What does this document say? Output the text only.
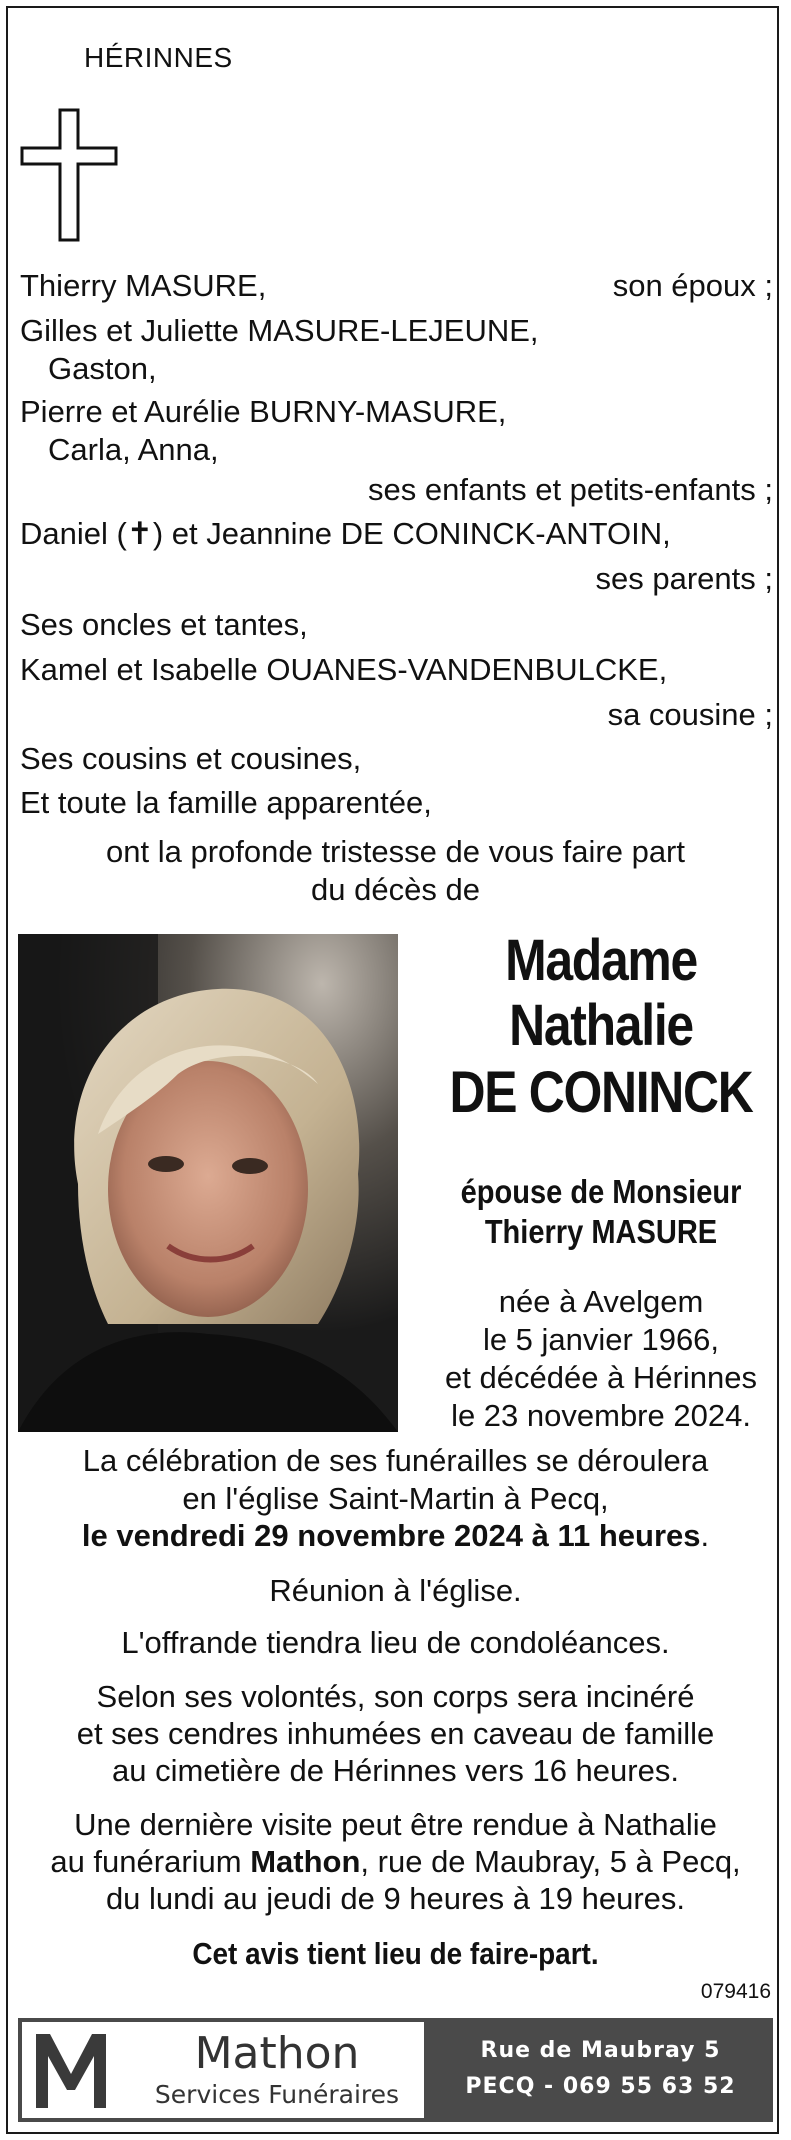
HÉRINNES
Thierry MASURE,	son époux ;
Gilles et Juliette MASURE-LEJEUNE,
Gaston,
Pierre et Aurélie BURNY-MASURE,
Carla, Anna,
ses enfants et petits-enfants ;
Daniel (✝) et Jeannine DE CONINCK-ANTOIN,
ses parents ;
Ses oncles et tantes,
Kamel et Isabelle OUANES-VANDENBULCKE,
sa cousine ;
Ses cousins et cousines,
Et toute la famille apparentée,
ont la profonde tristesse de vous faire part
du décès de
Madame
Nathalie
DE CONINCK
épouse de Monsieur
Thierry MASURE
née à Avelgem
le 5 janvier 1966,
et décédée à Hérinnes
le 23 novembre 2024.
La célébration de ses funérailles se déroulera
en l'église Saint-Martin à Pecq,
le vendredi 29 novembre 2024 à 11 heures.
Réunion à l'église.
L'offrande tiendra lieu de condoléances.
Selon ses volontés, son corps sera incinéré
et ses cendres inhumées en caveau de famille
au cimetière de Hérinnes vers 16 heures.
Une dernière visite peut être rendue à Nathalie
au funérarium Mathon, rue de Maubray, 5 à Pecq,
du lundi au jeudi de 9 heures à 19 heures.
Cet avis tient lieu de faire-part.
079416
Mathon
Services Funéraires
Rue de Maubray 5
PECQ - 069 55 63 52
